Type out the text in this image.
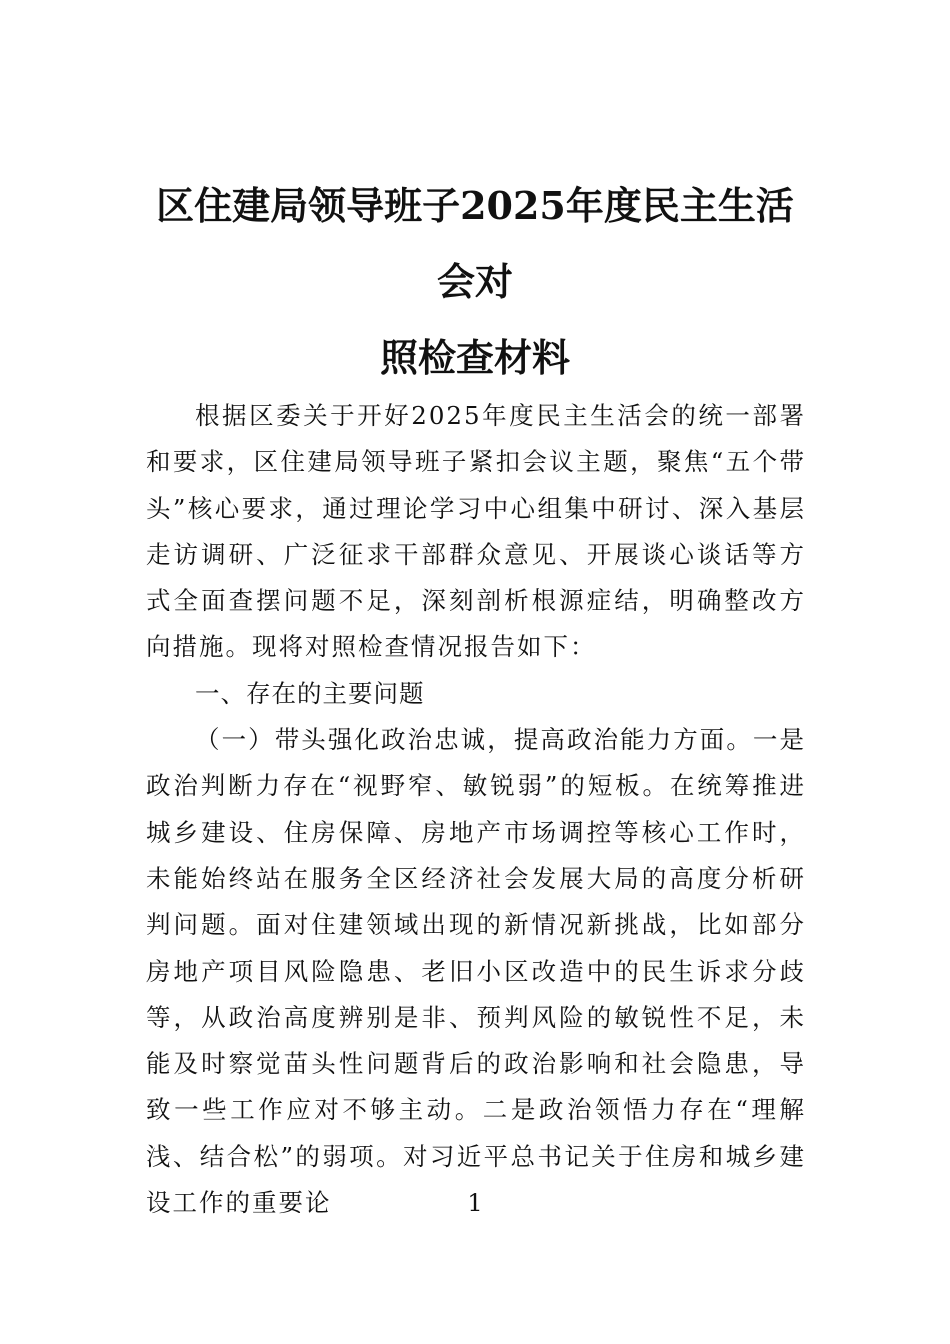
区住建局领导班子2025年度民主生活会对
照检查材料

根据区委关于开好2025年度民主生活会的统一部署和要求，区住建局领导班子紧扣会议主题，聚焦“五个带头”核心要求，通过理论学习中心组集中研讨、深入基层走访调研、广泛征求干部群众意见、开展谈心谈话等方式全面查摆问题不足，深刻剖析根源症结，明确整改方向措施。现将对照检查情况报告如下：

一、存在的主要问题

（一）带头强化政治忠诚，提高政治能力方面。一是政治判断力存在“视野窄、敏锐弱”的短板。在统筹推进城乡建设、住房保障、房地产市场调控等核心工作时，未能始终站在服务全区经济社会发展大局的高度分析研判问题。面对住建领域出现的新情况新挑战，比如部分房地产项目风险隐患、老旧小区改造中的民生诉求分歧等，从政治高度辨别是非、预判风险的敏锐性不足，未能及时察觉苗头性问题背后的政治影响和社会隐患，导致一些工作应对不够主动。二是政治领悟力存在“理解浅、结合松”的弱项。对习近平总书记关于住房和城乡建设工作的重要论	1
